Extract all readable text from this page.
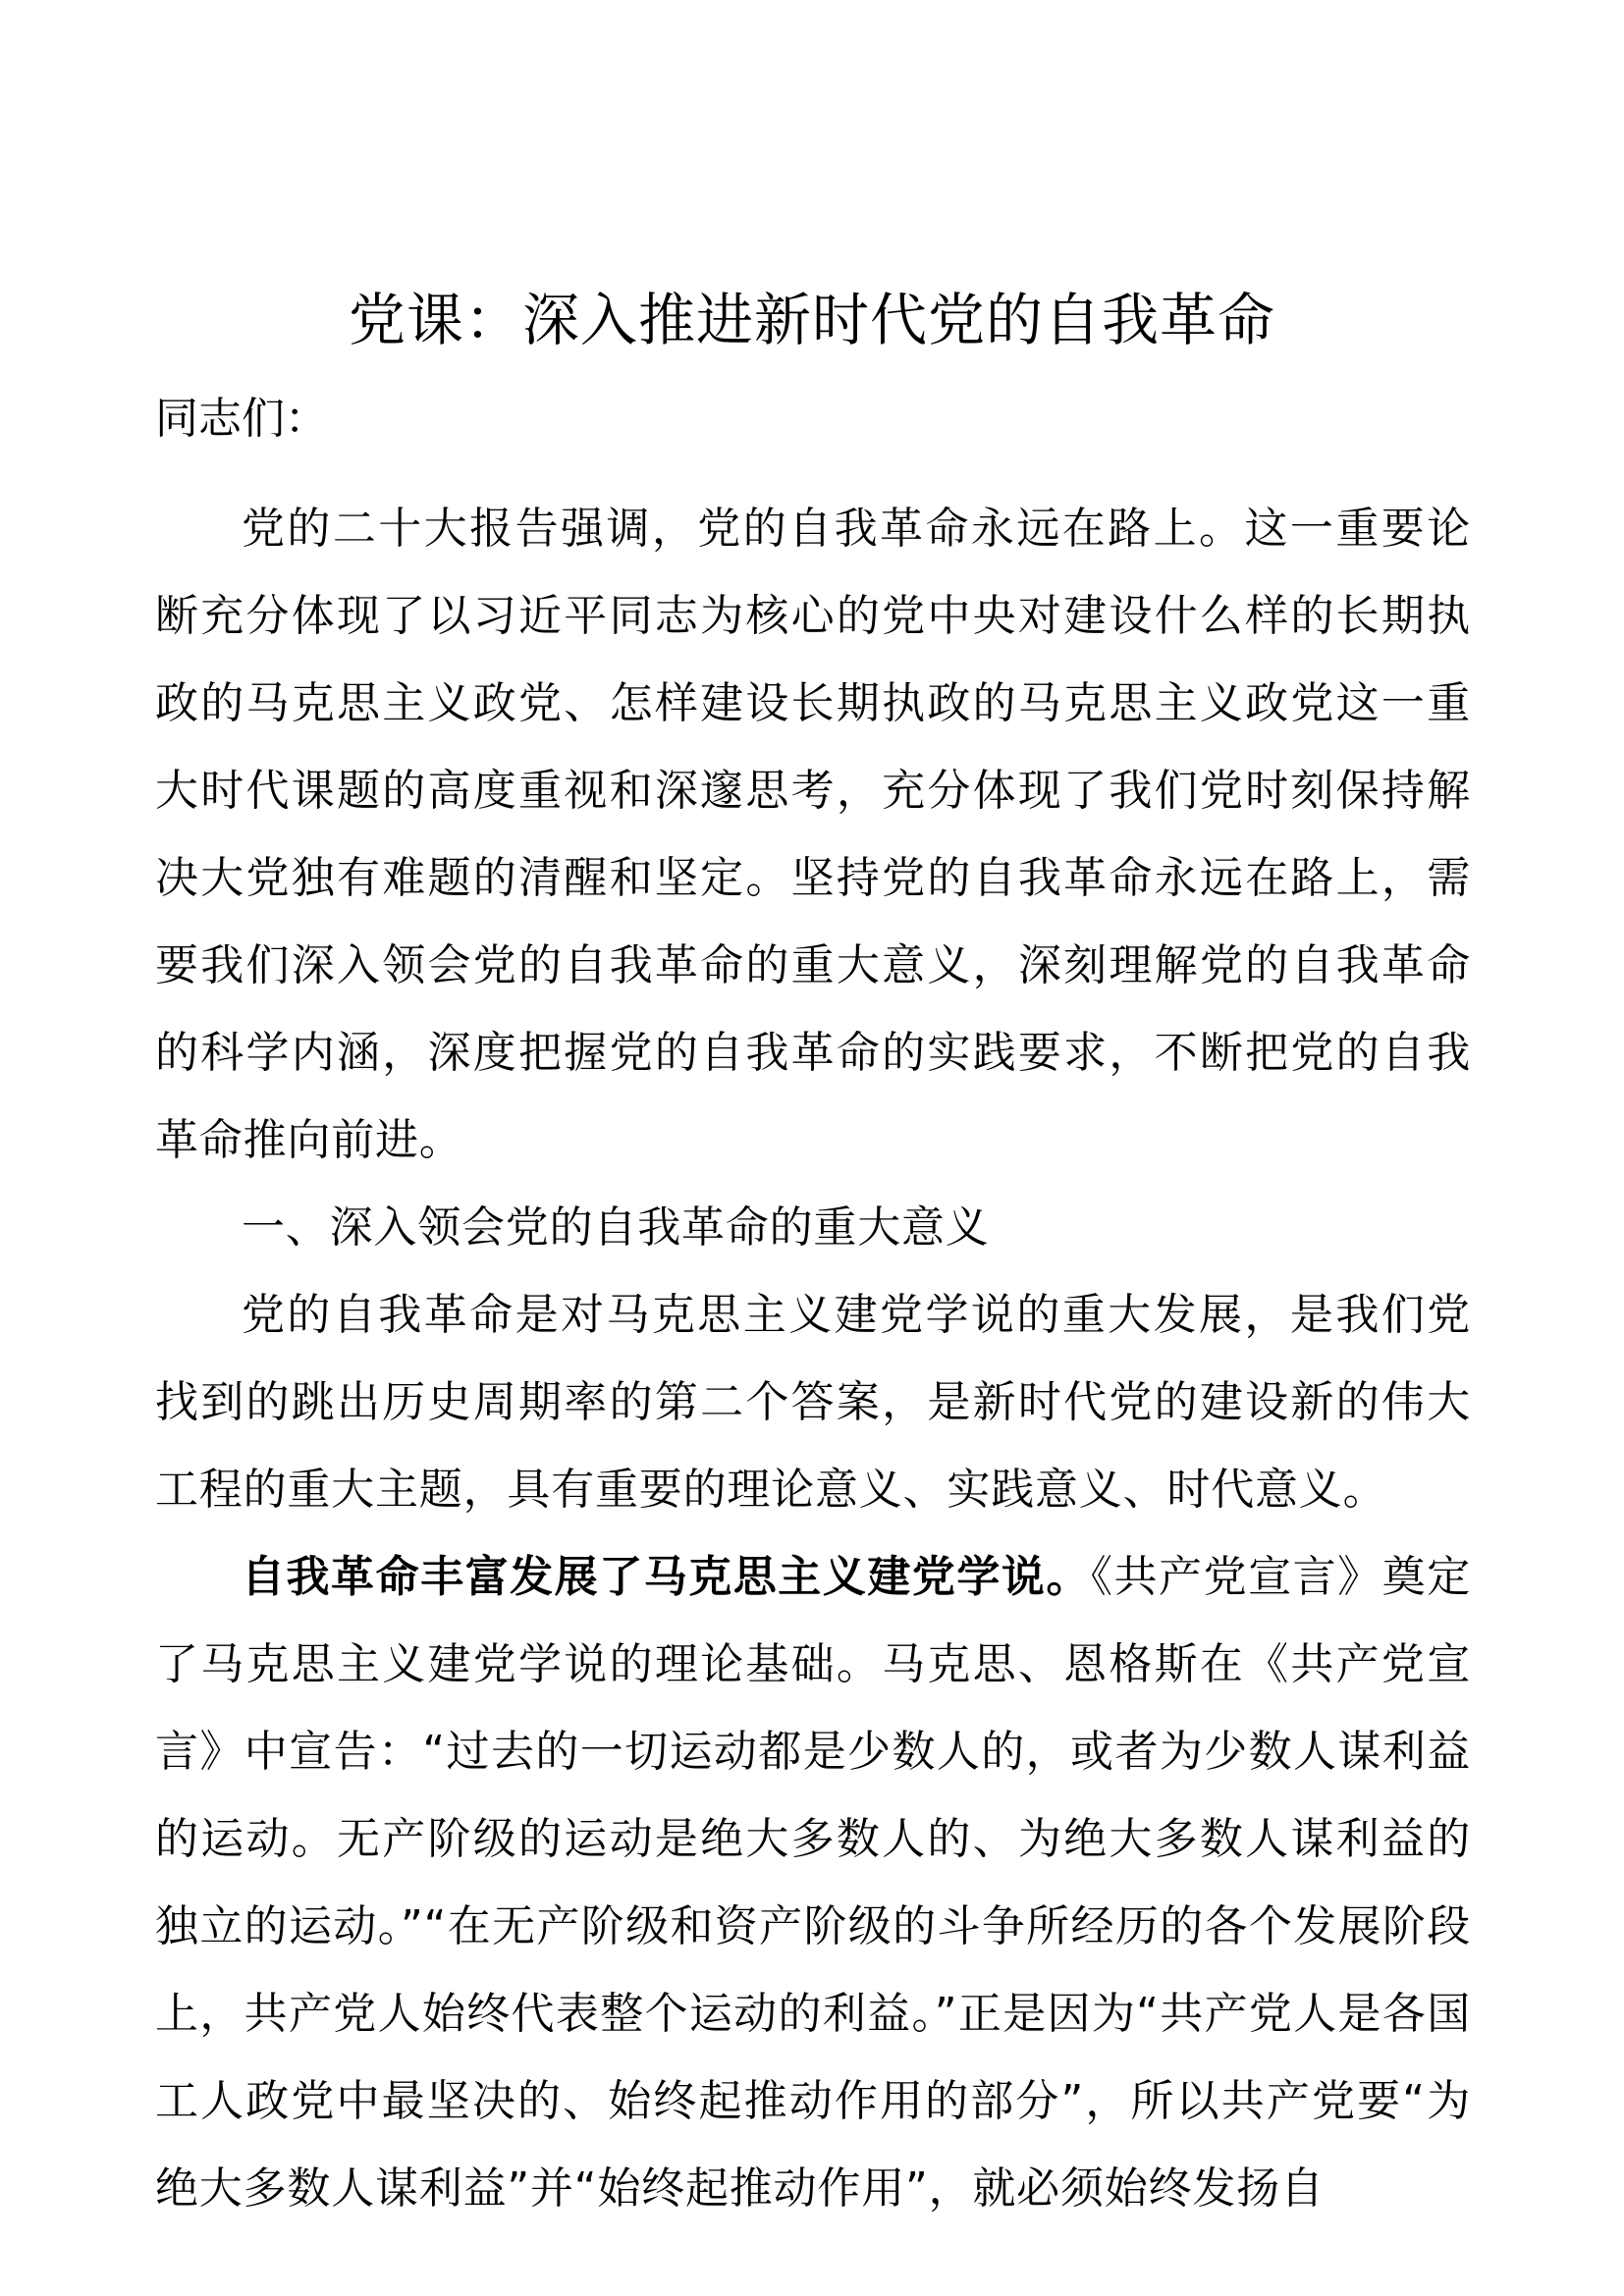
党课：深入推进新时代党的自我革命
同志们：

党的二十大报告强调，党的自我革命永远在路上。这一重要论断充分体现了以习近平同志为核心的党中央对建设什么样的长期执政的马克思主义政党、怎样建设长期执政的马克思主义政党这一重大时代课题的高度重视和深邃思考，充分体现了我们党时刻保持解决大党独有难题的清醒和坚定。坚持党的自我革命永远在路上，需要我们深入领会党的自我革命的重大意义，深刻理解党的自我革命的科学内涵，深度把握党的自我革命的实践要求，不断把党的自我革命推向前进。

一、深入领会党的自我革命的重大意义

党的自我革命是对马克思主义建党学说的重大发展，是我们党找到的跳出历史周期率的第二个答案，是新时代党的建设新的伟大工程的重大主题，具有重要的理论意义、实践意义、时代意义。

自我革命丰富发展了马克思主义建党学说。《共产党宣言》奠定了马克思主义建党学说的理论基础。马克思、恩格斯在《共产党宣言》中宣告：“过去的一切运动都是少数人的，或者为少数人谋利益的运动。无产阶级的运动是绝大多数人的、为绝大多数人谋利益的独立的运动。”“在无产阶级和资产阶级的斗争所经历的各个发展阶段上，共产党人始终代表整个运动的利益。”正是因为“共产党人是各国工人政党中最坚决的、始终起推动作用的部分”，所以共产党要“为绝大多数人谋利益”并“始终起推动作用”，就必须始终发扬自
